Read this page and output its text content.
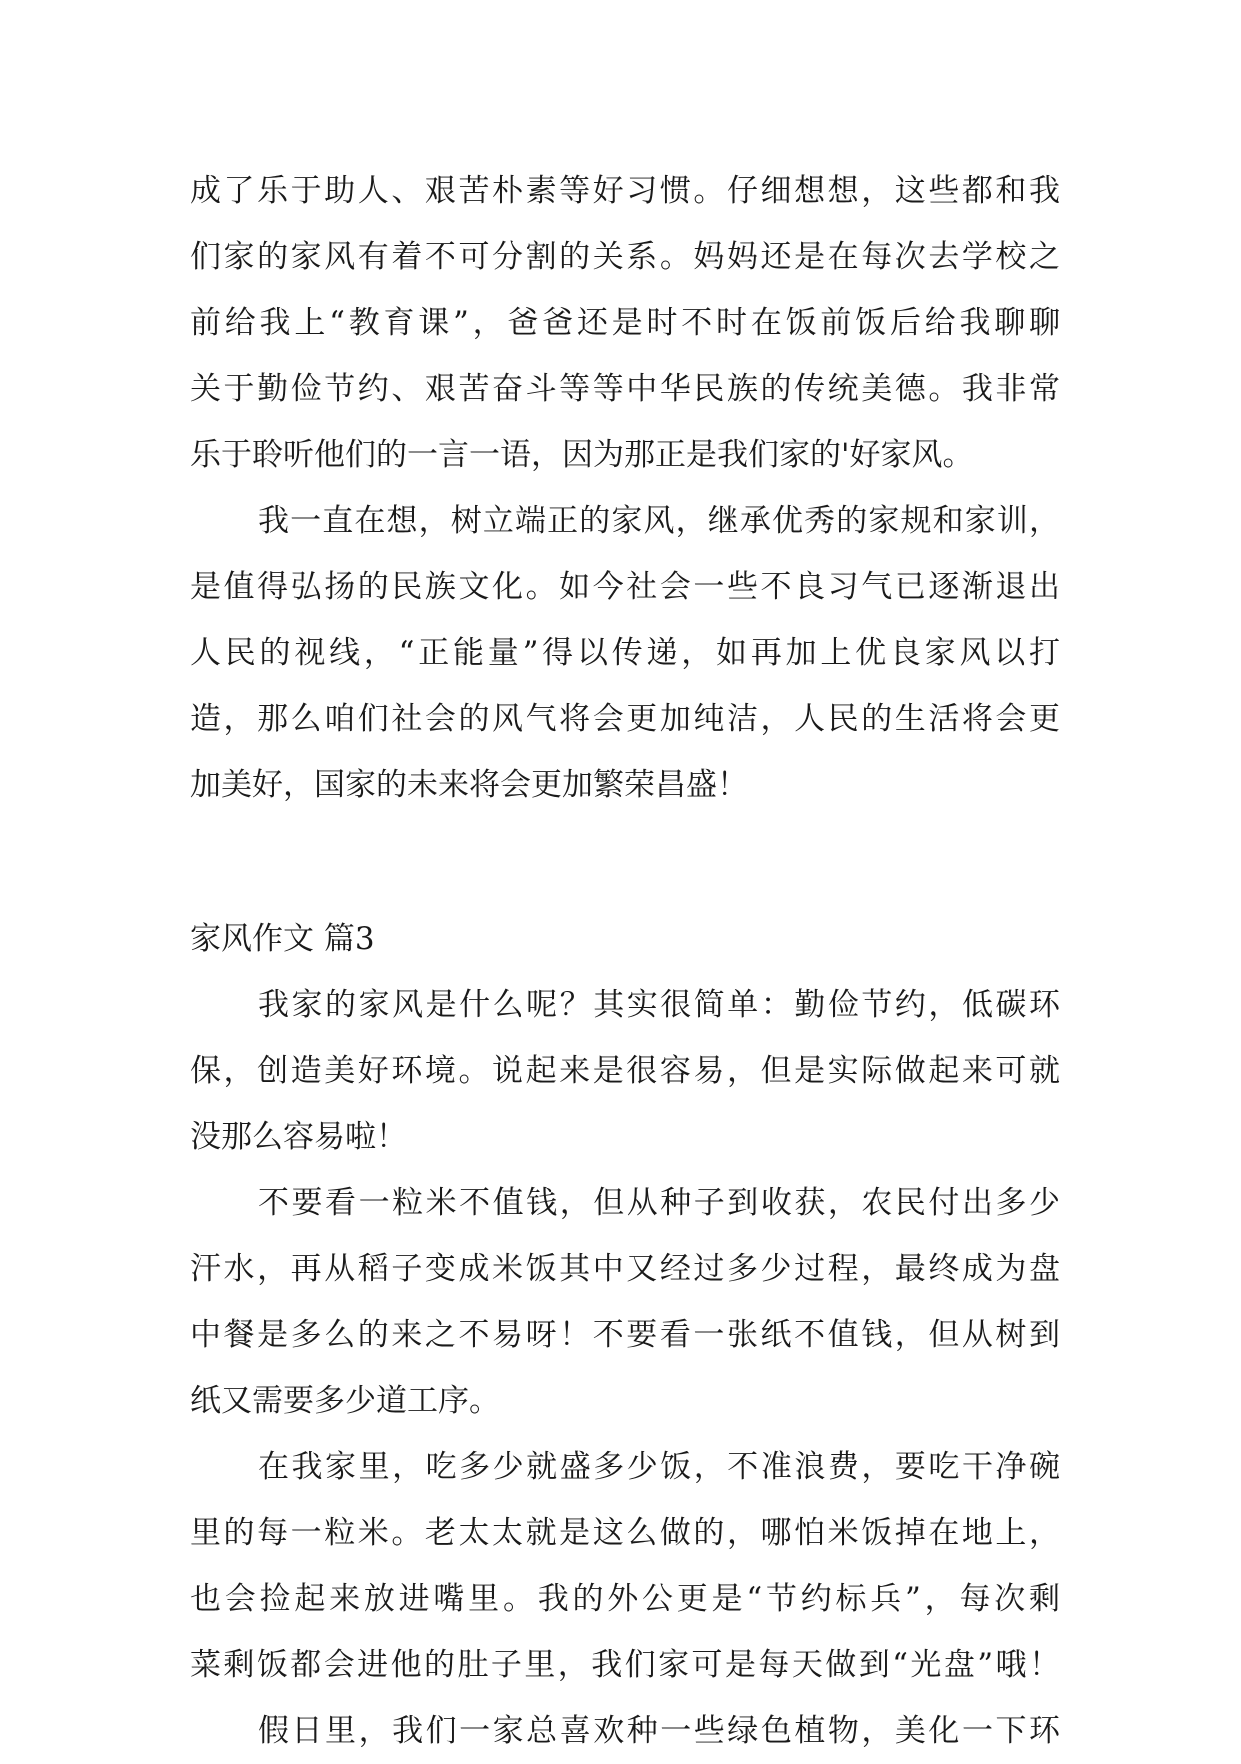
成了乐于助人、艰苦朴素等好习惯。仔细想想，这些都和我
们家的家风有着不可分割的关系。妈妈还是在每次去学校之
前给我上“教育课”，爸爸还是时不时在饭前饭后给我聊聊
关于勤俭节约、艰苦奋斗等等中华民族的传统美德。我非常
乐于聆听他们的一言一语，因为那正是我们家的'好家风。
我一直在想，树立端正的家风，继承优秀的家规和家训，
是值得弘扬的民族文化。如今社会一些不良习气已逐渐退出
人民的视线，“正能量”得以传递，如再加上优良家风以打
造，那么咱们社会的风气将会更加纯洁，人民的生活将会更
加美好，国家的未来将会更加繁荣昌盛！
家风作文 篇3
我家的家风是什么呢？其实很简单：勤俭节约，低碳环
保，创造美好环境。说起来是很容易，但是实际做起来可就
没那么容易啦！
不要看一粒米不值钱，但从种子到收获，农民付出多少
汗水，再从稻子变成米饭其中又经过多少过程，最终成为盘
中餐是多么的来之不易呀！不要看一张纸不值钱，但从树到
纸又需要多少道工序。
在我家里，吃多少就盛多少饭，不准浪费，要吃干净碗
里的每一粒米。老太太就是这么做的，哪怕米饭掉在地上，
也会捡起来放进嘴里。我的外公更是“节约标兵”，每次剩
菜剩饭都会进他的肚子里，我们家可是每天做到“光盘”哦！
假日里，我们一家总喜欢种一些绿色植物，美化一下环
